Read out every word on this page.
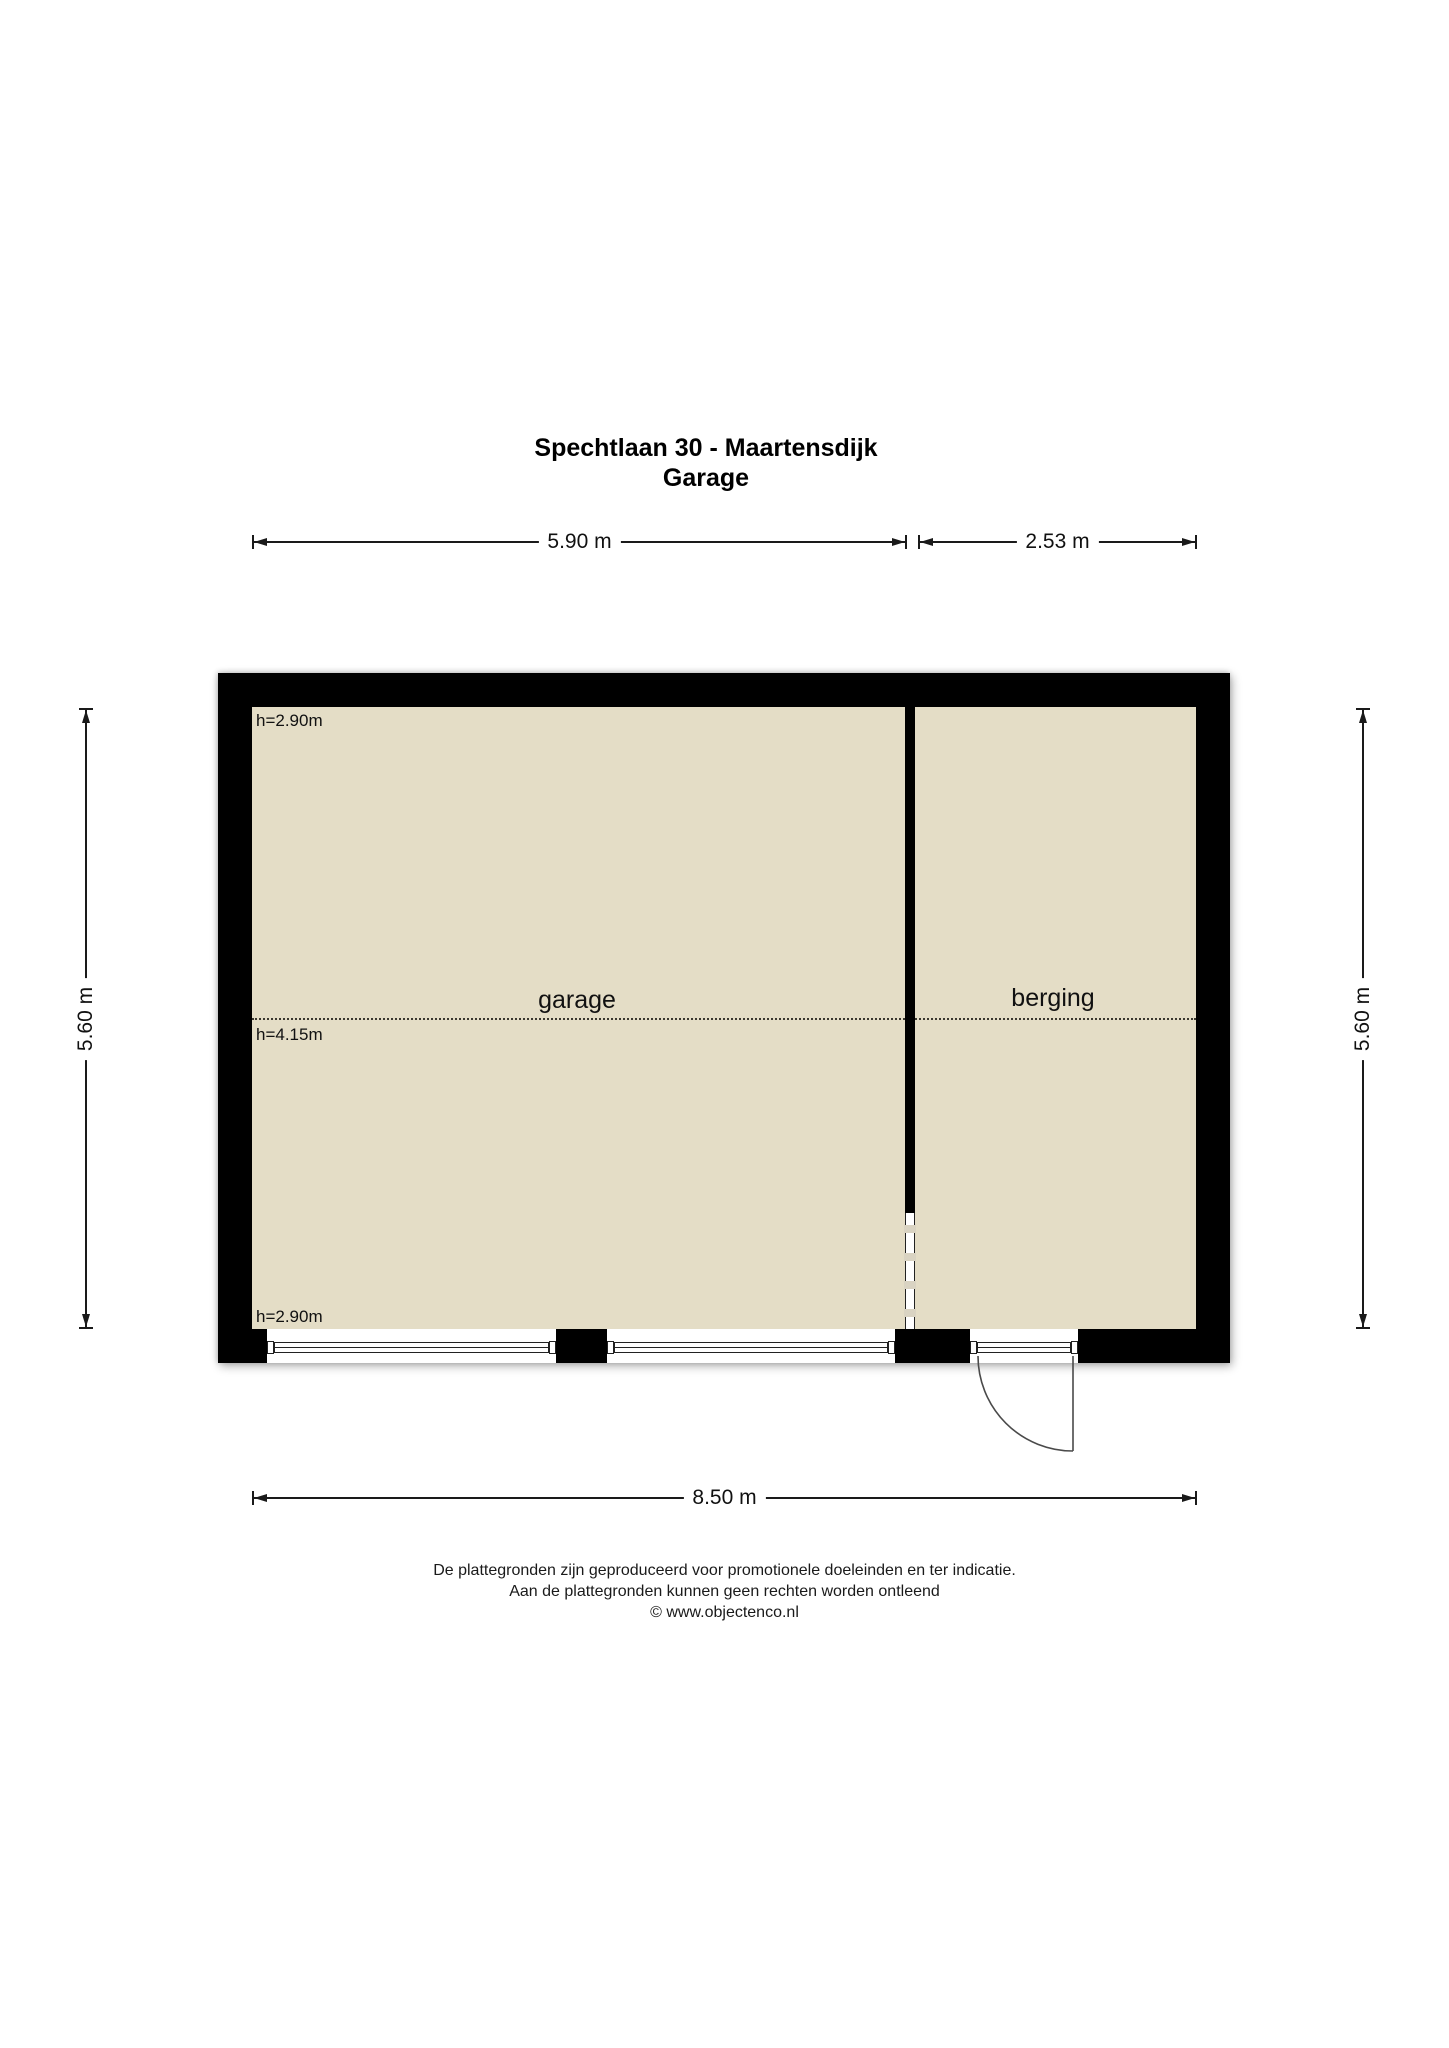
Spechtlaan 30 - Maartensdijk
Garage
5.90 m	2.53 m
5.60 m	5.60 m
8.50 m
garage	berging
h=2.90m
h=4.15m
h=2.90m
De plattegronden zijn geproduceerd voor promotionele doeleinden en ter indicatie.
Aan de plattegronden kunnen geen rechten worden ontleend
© www.objectenco.nl
